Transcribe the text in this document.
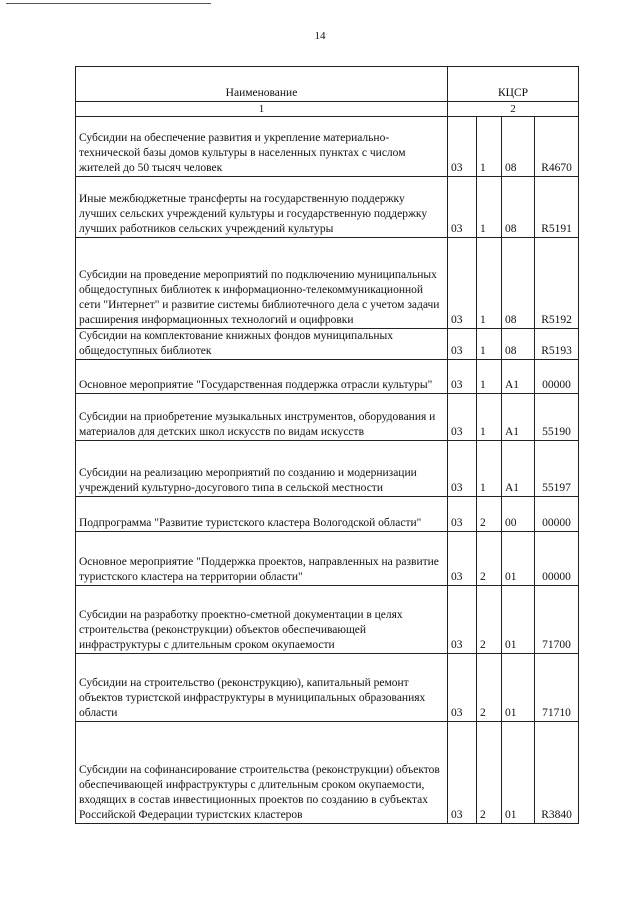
14
Наименование	КЦСР			
1	2			
Субсидии на обеспечение развития и укрепление материально-технической базы домов культуры в населенных пунктах с числом жителей до 50 тысяч человек	03	1	08	R4670
Иные межбюджетные трансферты на государственную поддержку лучших сельских учреждений культуры и государственную поддержку лучших работников сельских учреждений культуры	03	1	08	R5191
Субсидии на проведение мероприятий по подключению муниципальных общедоступных библиотек к информационно-телекоммуникационной сети "Интернет" и развитие системы библиотечного дела с учетом задачи расширения информационных технологий и оцифровки	03	1	08	R5192
Субсидии на комплектование книжных фондов муниципальных общедоступных библиотек	03	1	08	R5193
Основное мероприятие "Государственная поддержка отрасли культуры"	03	1	A1	00000
Субсидии на приобретение музыкальных инструментов, оборудования и материалов для детских школ искусств по видам искусств	03	1	A1	55190
Субсидии на реализацию мероприятий по созданию и модернизации учреждений культурно-досугового типа в сельской местности	03	1	A1	55197
Подпрограмма "Развитие туристского кластера Вологодской области"	03	2	00	00000
Основное мероприятие "Поддержка проектов, направленных на развитие туристского кластера на территории области"	03	2	01	00000
Субсидии на разработку проектно-сметной документации в целях строительства (реконструкции) объектов обеспечивающей инфраструктуры с длительным сроком окупаемости	03	2	01	71700
Субсидии на строительство (реконструкцию), капитальный ремонт объектов туристской инфраструктуры в муниципальных образованиях области	03	2	01	71710
Субсидии на софинансирование строительства (реконструкции) объектов обеспечивающей инфраструктуры с длительным сроком окупаемости, входящих в состав инвестиционных проектов по созданию в субъектах Российской Федерации туристских кластеров	03	2	01	R3840
